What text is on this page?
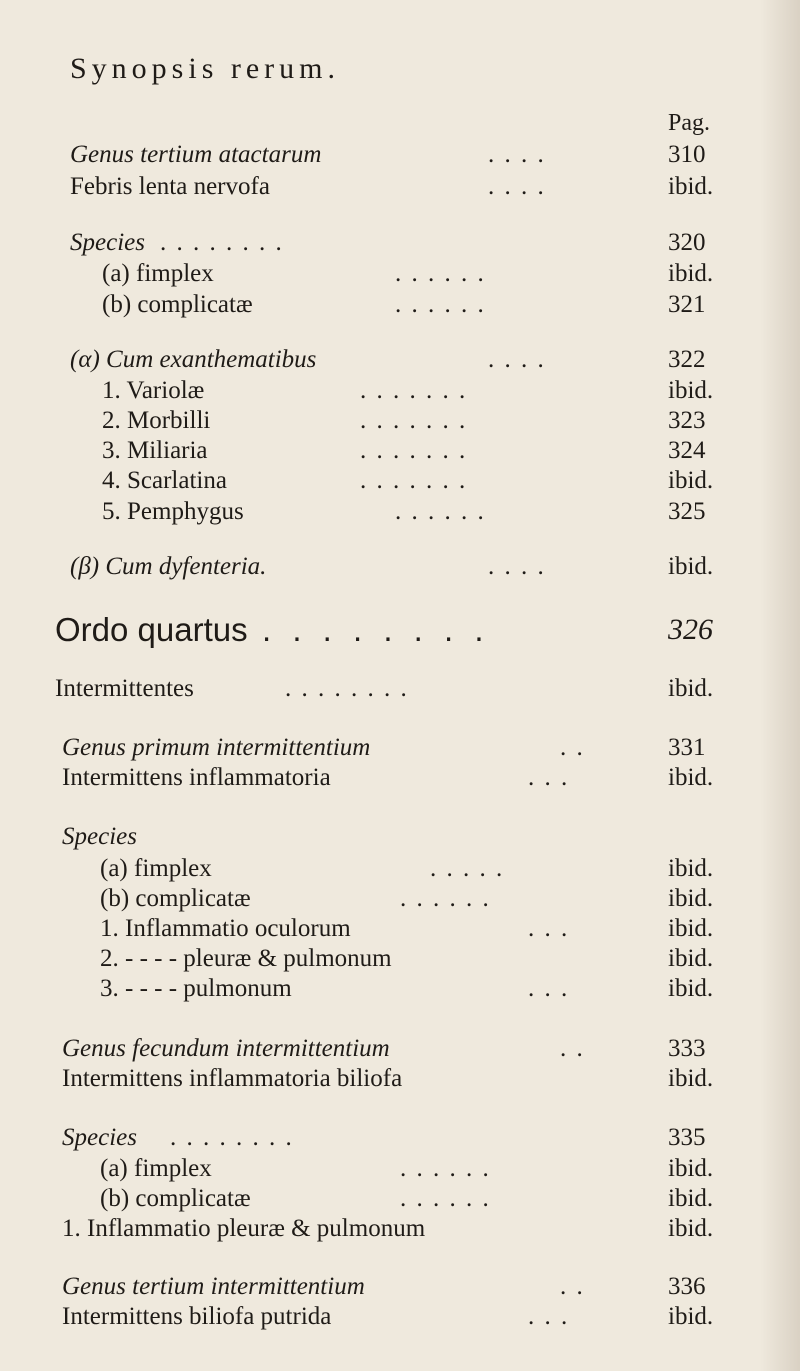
Synopsis rerum.
Pag.
Genus tertium atactarum	. . . .	310
Febris lenta nervofa	. . . .	ibid.
Species . . . . . . . .	320
(a) fimplex	. . . . . .	ibid.
(b) complicatæ	. . . . . .	321
(α) Cum exanthematibus	. . . .	322
1. Variolæ	. . . . . . .	ibid.
2. Morbilli	. . . . . . .	323
3. Miliaria	. . . . . . .	324
4. Scarlatina	. . . . . . .	ibid.
5. Pemphygus	. . . . . .	325
(β) Cum dyfenteria.	. . . .	ibid.
Ordo quartus . . . . . . . .	326
Intermittentes	. . . . . . . .	ibid.
Genus primum intermittentium	. .	331
Intermittens inflammatoria	. . .	ibid.
Species
(a) fimplex	. . . . .	ibid.
(b) complicatæ	. . . . . .	ibid.
1. Inflammatio oculorum	. . .	ibid.
2. - - - - pleuræ & pulmonum	ibid.
3. - - - - pulmonum	. . .	ibid.
Genus fecundum intermittentium	. .	333
Intermittens inflammatoria biliofa	ibid.
Species . . . . . . . .	335
(a) fimplex	. . . . . .	ibid.
(b) complicatæ	. . . . . .	ibid.
1. Inflammatio pleuræ & pulmonum	ibid.
Genus tertium intermittentium	. .	336
Intermittens biliofa putrida	. . .	ibid.
